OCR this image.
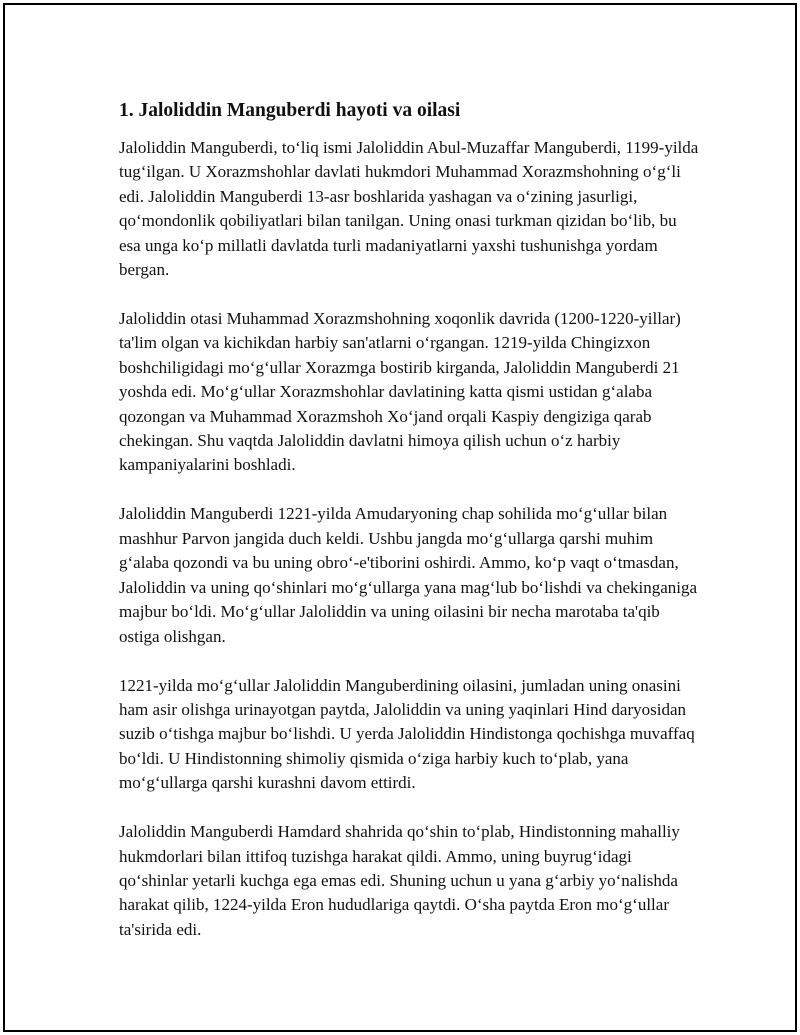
1. Jaloliddin Manguberdi hayoti va oilasi

Jaloliddin Manguberdi, to‘liq ismi Jaloliddin Abul-Muzaffar Manguberdi, 1199-yilda tug‘ilgan. U Xorazmshohlar davlati hukmdori Muhammad Xorazmshohning o‘g‘li edi. Jaloliddin Manguberdi 13-asr boshlarida yashagan va o‘zining jasurligi, qo‘mondonlik qobiliyatlari bilan tanilgan. Uning onasi turkman qizidan bo‘lib, bu esa unga ko‘p millatli davlatda turli madaniyatlarni yaxshi tushunishga yordam bergan.

Jaloliddin otasi Muhammad Xorazmshohning xoqonlik davrida (1200-1220-yillar) ta'lim olgan va kichikdan harbiy san'atlarni o‘rgangan. 1219-yilda Chingizxon boshchiligidagi mo‘g‘ullar Xorazmga bostirib kirganda, Jaloliddin Manguberdi 21 yoshda edi. Mo‘g‘ullar Xorazmshohlar davlatining katta qismi ustidan g‘alaba qozongan va Muhammad Xorazmshoh Xo‘jand orqali Kaspiy dengiziga qarab chekingan. Shu vaqtda Jaloliddin davlatni himoya qilish uchun o‘z harbiy kampaniyalarini boshladi.

Jaloliddin Manguberdi 1221-yilda Amudaryoning chap sohilida mo‘g‘ullar bilan mashhur Parvon jangida duch keldi. Ushbu jangda mo‘g‘ullarga qarshi muhim g‘alaba qozondi va bu uning obro‘-e'tiborini oshirdi. Ammo, ko‘p vaqt o‘tmasdan, Jaloliddin va uning qo‘shinlari mo‘g‘ullarga yana mag‘lub bo‘lishdi va chekinganiga majbur bo‘ldi. Mo‘g‘ullar Jaloliddin va uning oilasini bir necha marotaba ta'qib ostiga olishgan.

1221-yilda mo‘g‘ullar Jaloliddin Manguberdining oilasini, jumladan uning onasini ham asir olishga urinayotgan paytda, Jaloliddin va uning yaqinlari Hind daryosidan suzib o‘tishga majbur bo‘lishdi. U yerda Jaloliddin Hindistonga qochishga muvaffaq bo‘ldi. U Hindistonning shimoliy qismida o‘ziga harbiy kuch to‘plab, yana mo‘g‘ullarga qarshi kurashni davom ettirdi.

Jaloliddin Manguberdi Hamdard shahrida qo‘shin to‘plab, Hindistonning mahalliy hukmdorlari bilan ittifoq tuzishga harakat qildi. Ammo, uning buyrug‘idagi qo‘shinlar yetarli kuchga ega emas edi. Shuning uchun u yana g‘arbiy yo‘nalishda harakat qilib, 1224-yilda Eron hududlariga qaytdi. O‘sha paytda Eron mo‘g‘ullar ta'sirida edi.
